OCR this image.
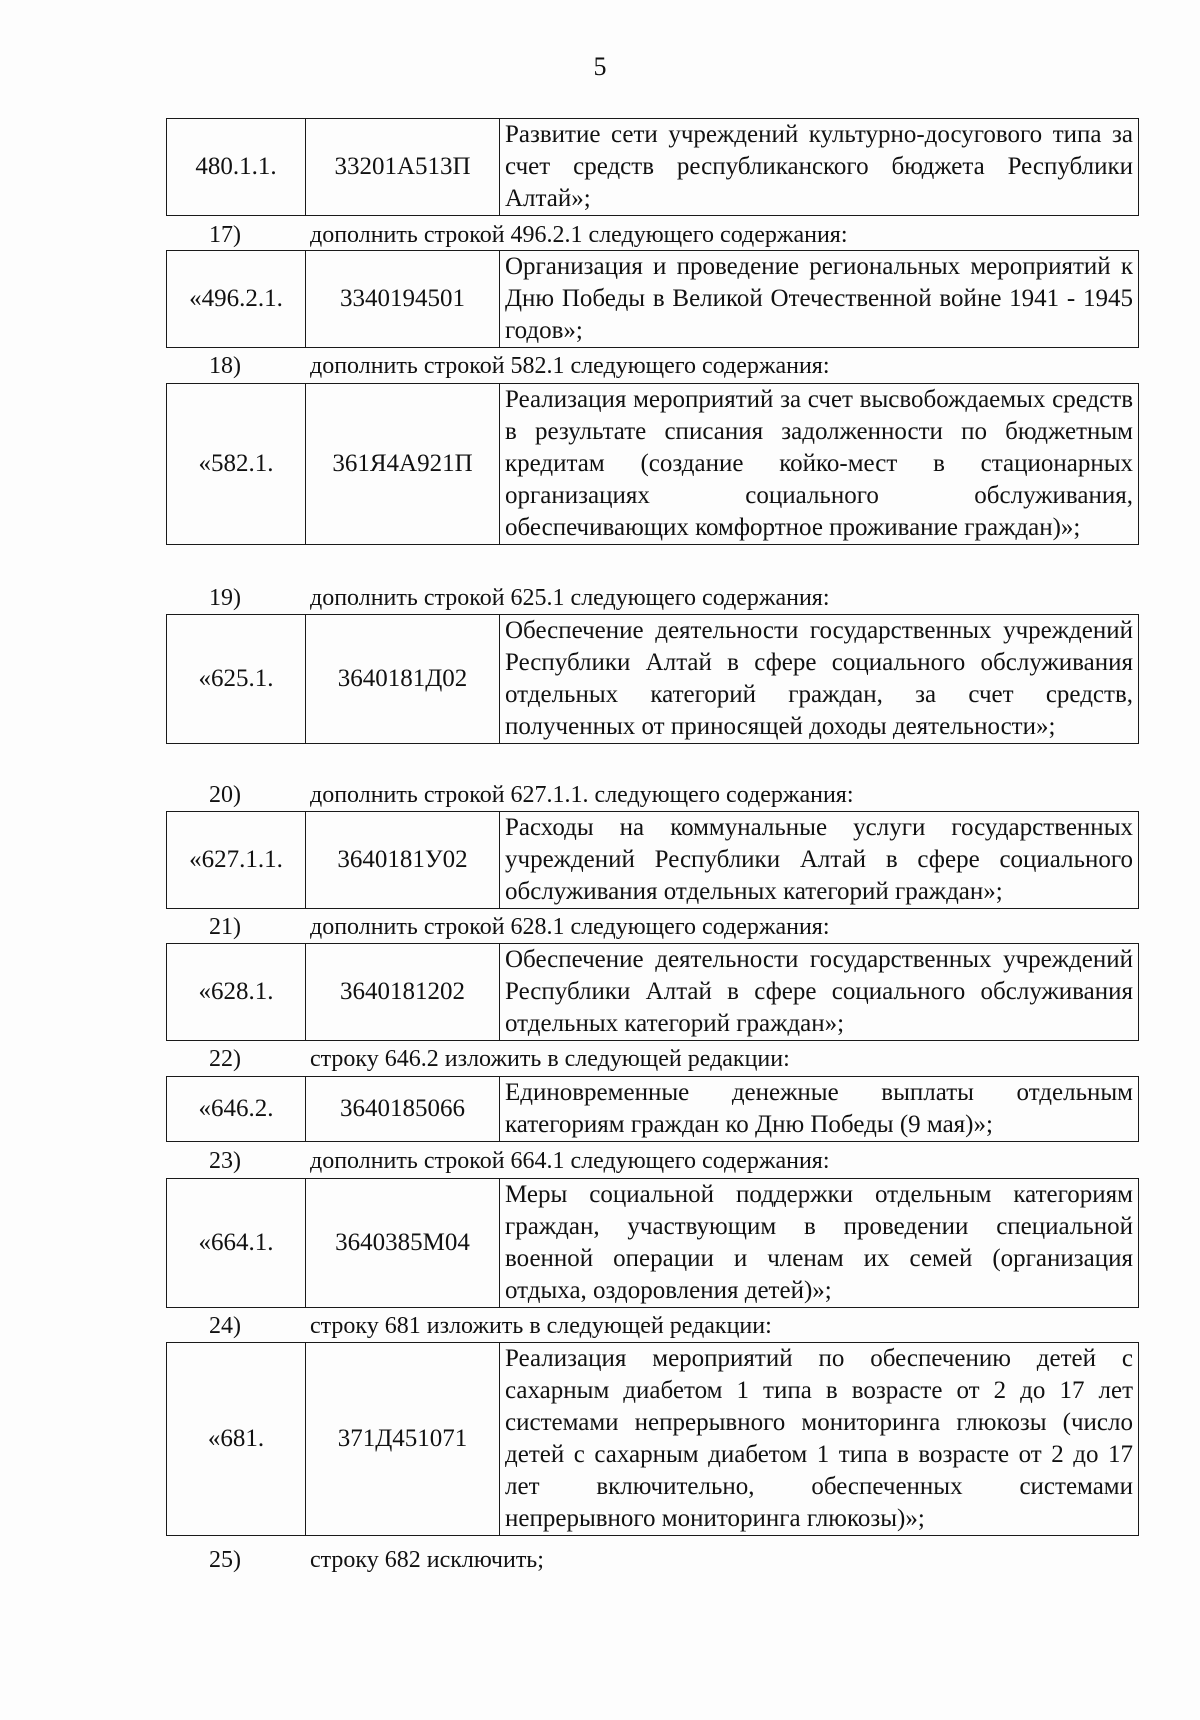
5
480.1.1.	33201А513П	Развитие сети учреждений культурно-досугового типа за счет средств республиканского бюджета Республики Алтай»;
17)	дополнить строкой 496.2.1 следующего содержания:
«496.2.1.	3340194501	Организация и проведение региональных мероприятий к Дню Победы в Великой Отечественной войне 1941 - 1945 годов»;
18)	дополнить строкой 582.1 следующего содержания:
«582.1.	361Я4А921П	Реализация мероприятий за счет высвобождаемых средств в результате списания задолженности по бюджетным кредитам (создание койко-мест в стационарных организациях социального обслуживания, обеспечивающих комфортное проживание граждан)»;
19)	дополнить строкой 625.1 следующего содержания:
«625.1.	3640181Д02	Обеспечение деятельности государственных учреждений Республики Алтай в сфере социального обслуживания отдельных категорий граждан, за счет средств, полученных от приносящей доходы деятельности»;
20)	дополнить строкой 627.1.1. следующего содержания:
«627.1.1.	3640181У02	Расходы на коммунальные услуги государственных учреждений Республики Алтай в сфере социального обслуживания отдельных категорий граждан»;
21)	дополнить строкой 628.1 следующего содержания:
«628.1.	3640181202	Обеспечение деятельности государственных учреждений Республики Алтай в сфере социального обслуживания отдельных категорий граждан»;
22)	строку 646.2 изложить в следующей редакции:
«646.2.	3640185066	Единовременные денежные выплаты отдельным категориям граждан ко Дню Победы (9 мая)»;
23)	дополнить строкой 664.1 следующего содержания:
«664.1.	3640385М04	Меры социальной поддержки отдельным категориям граждан, участвующим в проведении специальной военной операции и членам их семей (организация отдыха, оздоровления детей)»;
24)	строку 681 изложить в следующей редакции:
«681.	371Д451071	Реализация мероприятий по обеспечению детей с сахарным диабетом 1 типа в возрасте от 2 до 17 лет системами непрерывного мониторинга глюкозы (число детей с сахарным диабетом 1 типа в возрасте от 2 до 17 лет включительно, обеспеченных системами непрерывного мониторинга глюкозы)»;
25)	строку 682 исключить;
